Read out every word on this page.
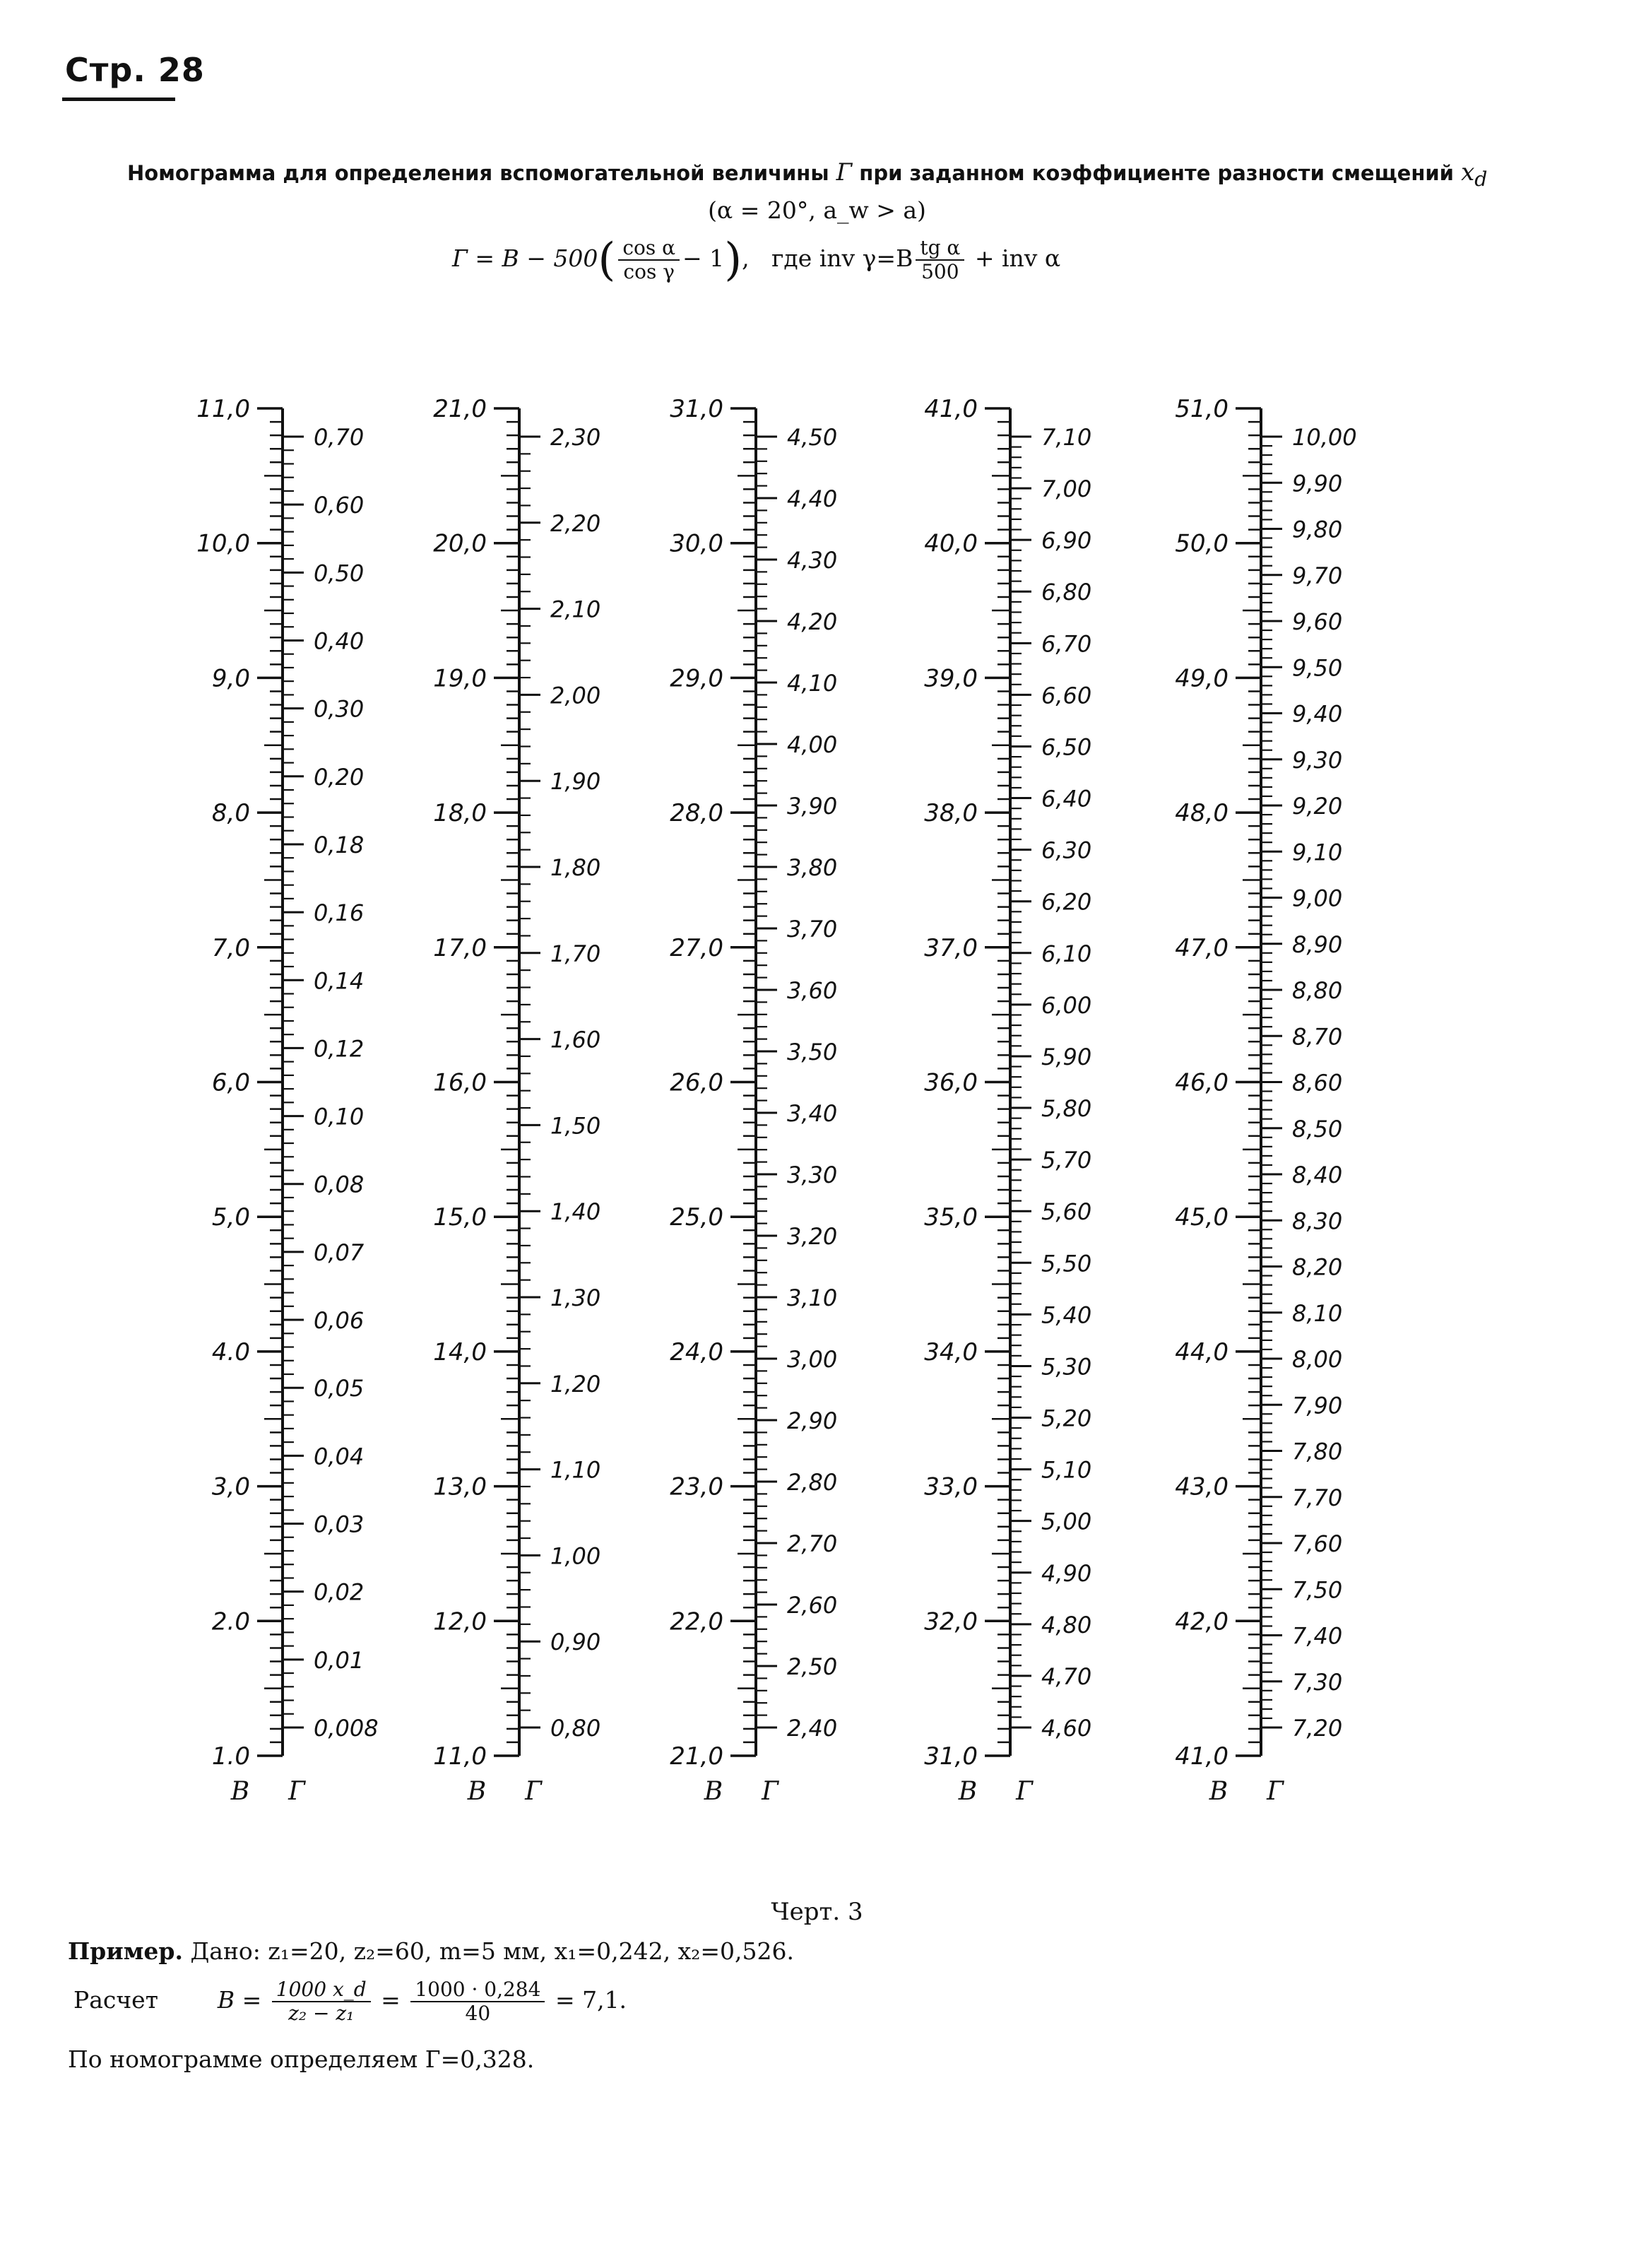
Стр. 28
Номограмма для определения вспомогательной величины Г при заданном коэффициенте разности смещений $x_d$
(α = 20°, a_w > a)
$Г = B - 500( \frac{\text{cos α}}{\text{cos γ}} - 1)$,   где inv $\gamma=B \frac{\text{tg α}}{500}$ + inv α
11,0
10,0
9,0
8,0
7,0
6,0
5,0
4.0
3,0
2.0
1.0
0,70
0,60
0,50
0,40
0,30
0,20
0,18
0,16
0,14
0,12
0,10
0,08
0,07
0,06
0,05
0,04
0,03
0,02
0,01
0,008
B Г
21,0
20,0
19,0
18,0
17,0
16,0
15,0
14,0
13,0
12,0
11,0
2,30
2,20
2,10
2,00
1,90
1,80
1,70
1,60
1,50
1,40
1,30
1,20
1,10
1,00
0,90
0,80
B Г
31,0
30,0
29,0
28,0
27,0
26,0
25,0
24,0
23,0
22,0
21,0
4,50
4,40
4,30
4,20
4,10
4,00
3,90
3,80
3,70
3,60
3,50
3,40
3,30
3,20
3,10
3,00
2,90
2,80
2,70
2,60
2,50
2,40
B Г
41,0
40,0
39,0
38,0
37,0
36,0
35,0
34,0
33,0
32,0
31,0
7,10
7,00
6,90
6,80
6,70
6,60
6,50
6,40
6,30
6,20
6,10
6,00
5,90
5,80
5,70
5,60
5,50
5,40
5,30
5,20
5,10
5,00
4,90
4,80
4,70
4,60
B Г
51,0
50,0
49,0
48,0
47,0
46,0
45,0
44,0
43,0
42,0
41,0
10,00
9,90
9,80
9,70
9,60
9,50
9,40
9,30
9,20
9,10
9,00
8,90
8,80
8,70
8,60
8,50
8,40
8,30
8,20
8,10
8,00
7,90
7,80
7,70
7,60
7,50
7,40
7,30
7,20
B Г
Черт. 3
Пример. Дано: z₁=20, z₂=60, m=5 мм, x₁=0,242, x₂=0,526.
Расчет	$B = \frac{1000 x\_d}{\text{z₂ − z₁}} = \frac{1000 \cdot 0,284}{40} = 7,1$.
По номограмме определяем Г=0,328.
